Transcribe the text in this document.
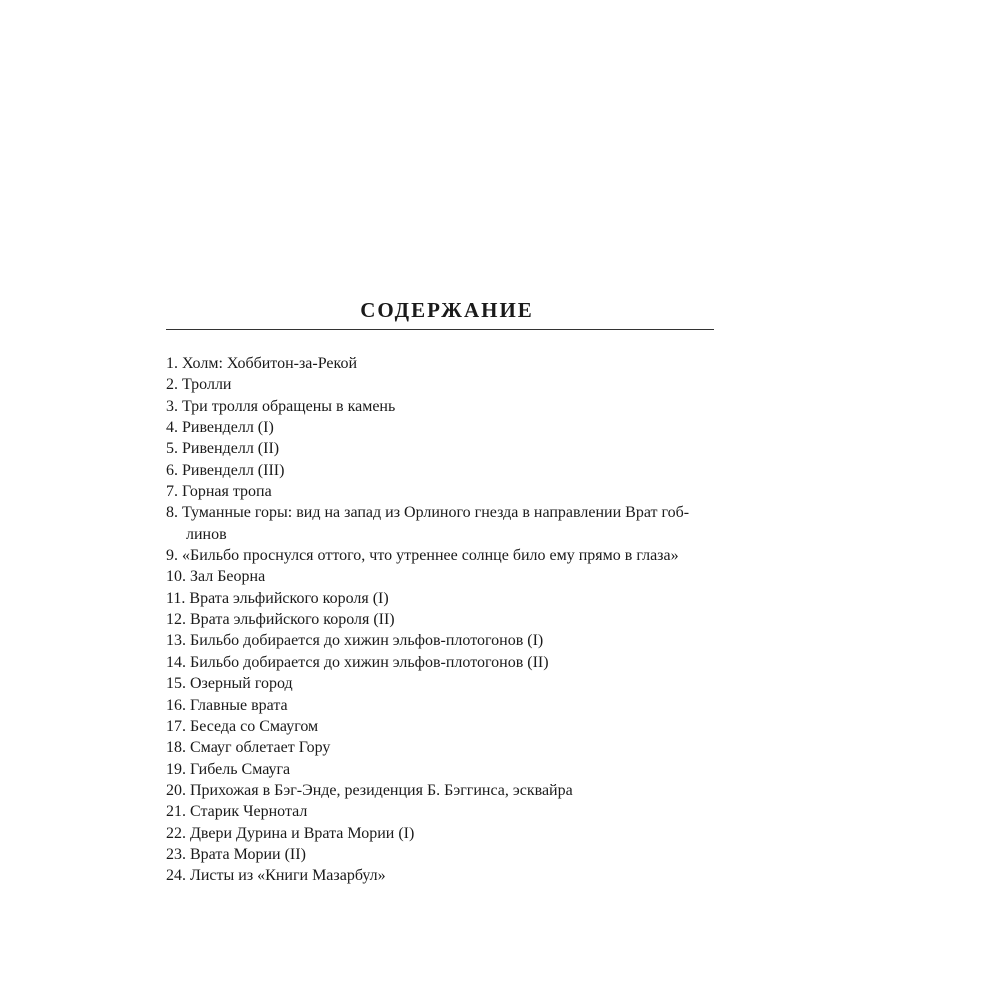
СОДЕРЖАНИЕ
1. Холм: Хоббитон-за-Рекой
2. Тролли
3. Три тролля обращены в камень
4. Ривенделл (I)
5. Ривенделл (II)
6. Ривенделл (III)
7. Горная тропа
8. Туманные горы: вид на запад из Орлиного гнезда в направлении Врат гоб-
линов
9. «Бильбо проснулся оттого, что утреннее солнце било ему прямо в глаза»
10. Зал Беорна
11. Врата эльфийского короля (I)
12. Врата эльфийского короля (II)
13. Бильбо добирается до хижин эльфов-плотогонов (I)
14. Бильбо добирается до хижин эльфов-плотогонов (II)
15. Озерный город
16. Главные врата
17. Беседа со Смаугом
18. Смауг облетает Гору
19. Гибель Смауга
20. Прихожая в Бэг-Энде, резиденция Б. Бэггинса, эсквайра
21. Старик Чернотал
22. Двери Дурина и Врата Мории (I)
23. Врата Мории (II)
24. Листы из «Книги Мазарбул»
